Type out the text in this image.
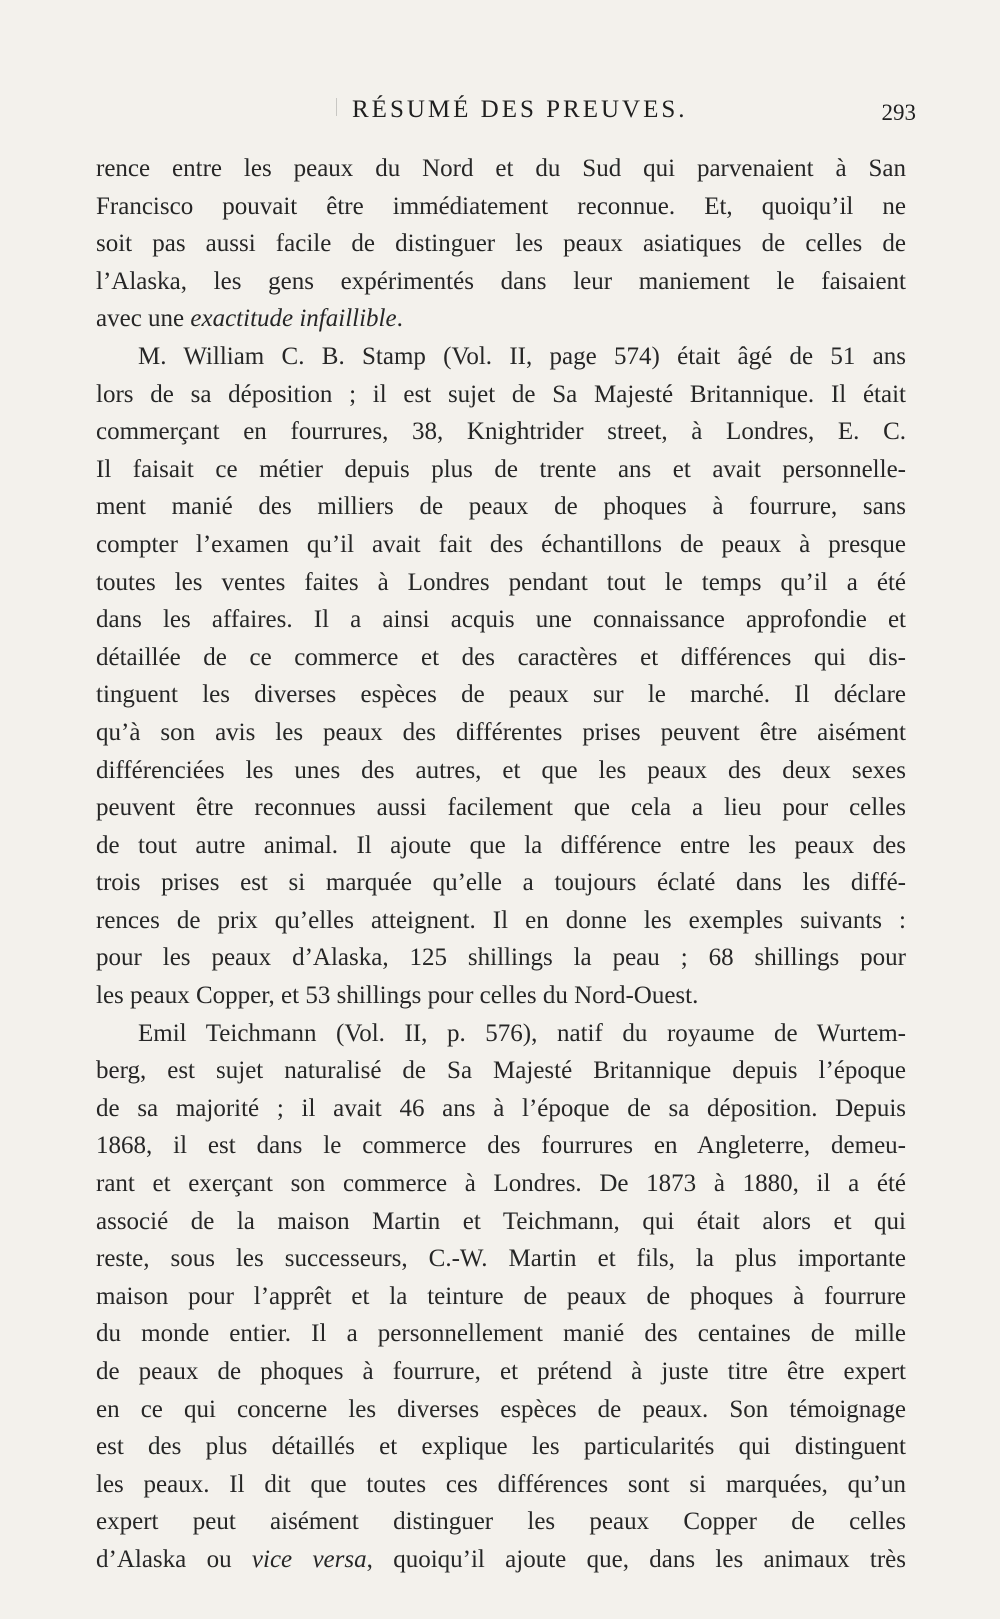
RÉSUMÉ DES PREUVES.	293
rence entre les peaux du Nord et du Sud qui parvenaient à San
Francisco pouvait être immédiatement reconnue. Et, quoiqu’il ne
soit pas aussi facile de distinguer les peaux asiatiques de celles de
l’Alaska, les gens expérimentés dans leur maniement le faisaient
avec une exactitude infaillible.
M. William C. B. Stamp (Vol. II, page 574) était âgé de 51 ans
lors de sa déposition ; il est sujet de Sa Majesté Britannique. Il était
commerçant en fourrures, 38, Knightrider street, à Londres, E. C.
Il faisait ce métier depuis plus de trente ans et avait personnelle-
ment manié des milliers de peaux de phoques à fourrure, sans
compter l’examen qu’il avait fait des échantillons de peaux à presque
toutes les ventes faites à Londres pendant tout le temps qu’il a été
dans les affaires. Il a ainsi acquis une connaissance approfondie et
détaillée de ce commerce et des caractères et différences qui dis-
tinguent les diverses espèces de peaux sur le marché. Il déclare
qu’à son avis les peaux des différentes prises peuvent être aisément
différenciées les unes des autres, et que les peaux des deux sexes
peuvent être reconnues aussi facilement que cela a lieu pour celles
de tout autre animal. Il ajoute que la différence entre les peaux des
trois prises est si marquée qu’elle a toujours éclaté dans les diffé-
rences de prix qu’elles atteignent. Il en donne les exemples suivants :
pour les peaux d’Alaska, 125 shillings la peau ; 68 shillings pour
les peaux Copper, et 53 shillings pour celles du Nord-Ouest.
Emil Teichmann (Vol. II, p. 576), natif du royaume de Wurtem-
berg, est sujet naturalisé de Sa Majesté Britannique depuis l’époque
de sa majorité ; il avait 46 ans à l’époque de sa déposition. Depuis
1868, il est dans le commerce des fourrures en Angleterre, demeu-
rant et exerçant son commerce à Londres. De 1873 à 1880, il a été
associé de la maison Martin et Teichmann, qui était alors et qui
reste, sous les successeurs, C.-W. Martin et fils, la plus importante
maison pour l’apprêt et la teinture de peaux de phoques à fourrure
du monde entier. Il a personnellement manié des centaines de mille
de peaux de phoques à fourrure, et prétend à juste titre être expert
en ce qui concerne les diverses espèces de peaux. Son témoignage
est des plus détaillés et explique les particularités qui distinguent
les peaux. Il dit que toutes ces différences sont si marquées, qu’un
expert peut aisément distinguer les peaux Copper de celles
d’Alaska ou vice versa, quoiqu’il ajoute que, dans les animaux très
